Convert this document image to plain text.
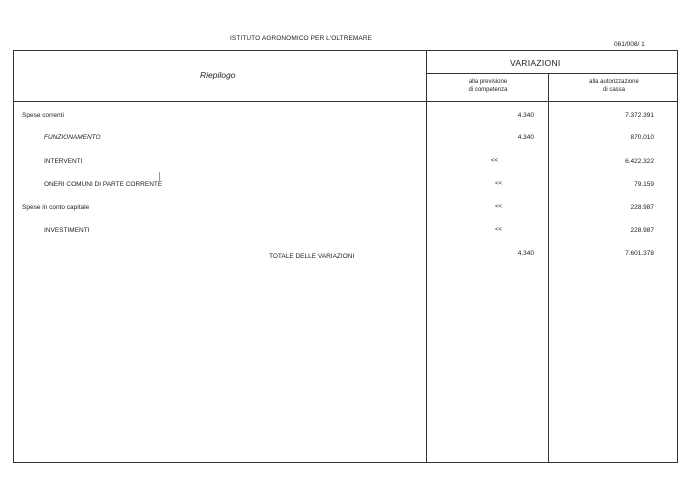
ISTITUTO AGRONOMICO PER L'OLTREMARE
061/008/ 1
Riepilogo
VARIAZIONI
alla previsione
di competenza
alla autorizzazione
di cassa
Spese correnti	4.340	7.372.391
FUNZIONAMENTO	4.340	870.010
INTERVENTI	<<	6.422.322
ONERI COMUNI DI PARTE CORRENTE	<<	79.159
Spese in conto capitale	<<	228.987
INVESTIMENTI	<<	228.987
TOTALE DELLE VARIAZIONI	4.340	7.601.378
